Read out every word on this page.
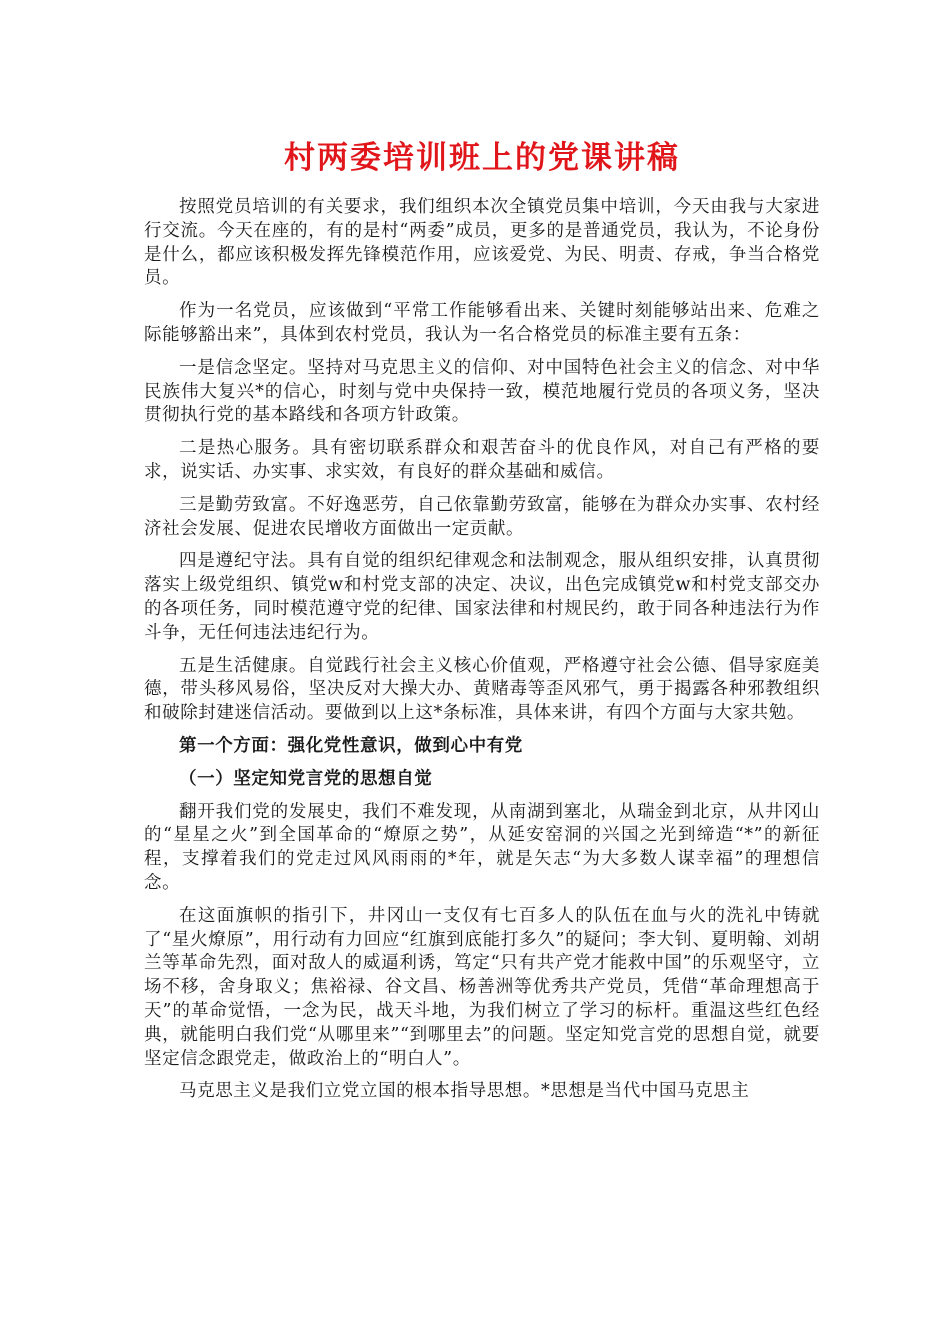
村两委培训班上的党课讲稿

按照党员培训的有关要求，我们组织本次全镇党员集中培训，今天由我与大家进行交流。今天在座的，有的是村“两委”成员，更多的是普通党员，我认为，不论身份是什么，都应该积极发挥先锋模范作用，应该爱党、为民、明责、存戒，争当合格党员。

作为一名党员，应该做到“平常工作能够看出来、关键时刻能够站出来、危难之际能够豁出来”，具体到农村党员，我认为一名合格党员的标准主要有五条：

一是信念坚定。坚持对马克思主义的信仰、对中国特色社会主义的信念、对中华民族伟大复兴*的信心，时刻与党中央保持一致，模范地履行党员的各项义务，坚决贯彻执行党的基本路线和各项方针政策。

二是热心服务。具有密切联系群众和艰苦奋斗的优良作风，对自己有严格的要求，说实话、办实事、求实效，有良好的群众基础和威信。

三是勤劳致富。不好逸恶劳，自己依靠勤劳致富，能够在为群众办实事、农村经济社会发展、促进农民增收方面做出一定贡献。

四是遵纪守法。具有自觉的组织纪律观念和法制观念，服从组织安排，认真贯彻落实上级党组织、镇党w和村党支部的决定、决议，出色完成镇党w和村党支部交办的各项任务，同时模范遵守党的纪律、国家法律和村规民约，敢于同各种违法行为作斗争，无任何违法违纪行为。

五是生活健康。自觉践行社会主义核心价值观，严格遵守社会公德、倡导家庭美德，带头移风易俗，坚决反对大操大办、黄赌毒等歪风邪气，勇于揭露各种邪教组织和破除封建迷信活动。要做到以上这*条标准，具体来讲，有四个方面与大家共勉。

第一个方面：强化党性意识，做到心中有党

（一）坚定知党言党的思想自觉

翻开我们党的发展史，我们不难发现，从南湖到塞北，从瑞金到北京，从井冈山的“星星之火”到全国革命的“燎原之势”，从延安窑洞的兴国之光到缔造“*”的新征程，支撑着我们的党走过风风雨雨的*年，就是矢志“为大多数人谋幸福”的理想信念。

在这面旗帜的指引下，井冈山一支仅有七百多人的队伍在血与火的洗礼中铸就了“星火燎原”，用行动有力回应“红旗到底能打多久”的疑问；李大钊、夏明翰、刘胡兰等革命先烈，面对敌人的威逼利诱，笃定“只有共产党才能救中国”的乐观坚守，立场不移，舍身取义；焦裕禄、谷文昌、杨善洲等优秀共产党员，凭借“革命理想高于天”的革命觉悟，一念为民，战天斗地，为我们树立了学习的标杆。重温这些红色经典，就能明白我们党“从哪里来”“到哪里去”的问题。坚定知党言党的思想自觉，就要坚定信念跟党走，做政治上的“明白人”。

马克思主义是我们立党立国的根本指导思想。*思想是当代中国马克思主
